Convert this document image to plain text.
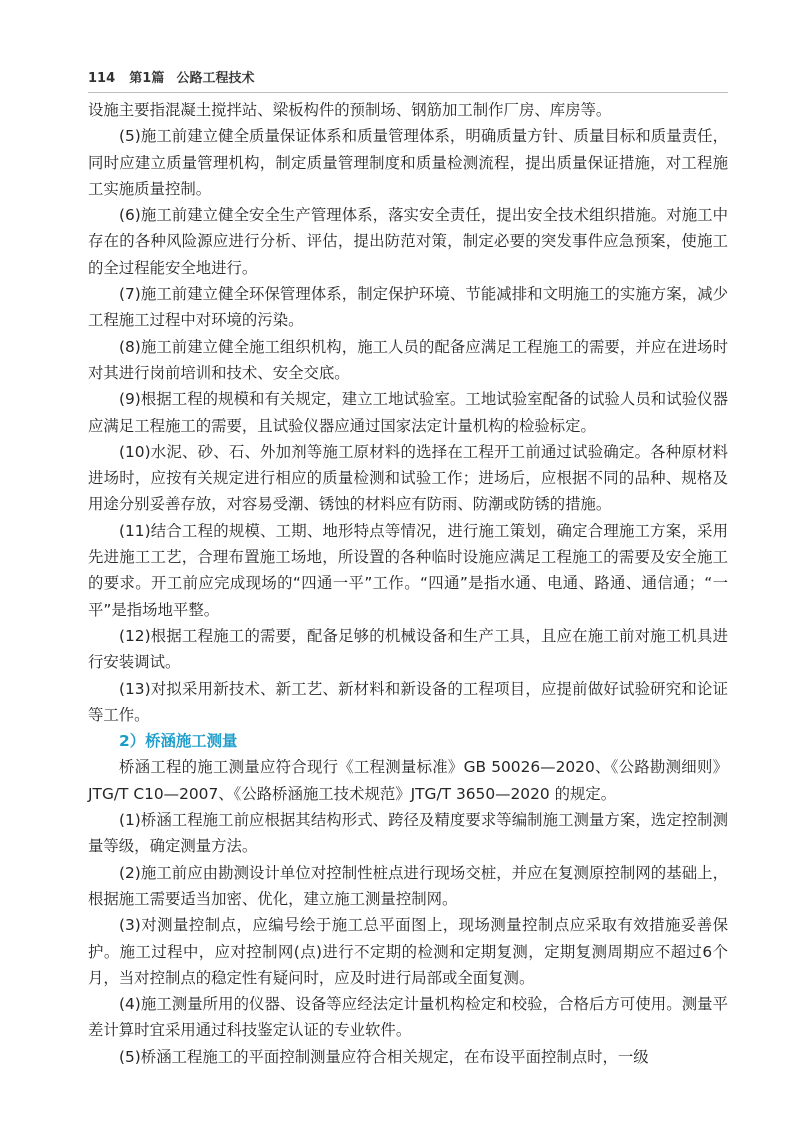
114 第1篇 公路工程技术

设施主要指混凝土搅拌站、梁板构件的预制场、钢筋加工制作厂房、库房等。

(5)施工前建立健全质量保证体系和质量管理体系，明确质量方针、质量目标和质量责任，同时应建立质量管理机构，制定质量管理制度和质量检测流程，提出质量保证措施，对工程施工实施质量控制。

(6)施工前建立健全安全生产管理体系，落实安全责任，提出安全技术组织措施。对施工中存在的各种风险源应进行分析、评估，提出防范对策，制定必要的突发事件应急预案，使施工的全过程能安全地进行。

(7)施工前建立健全环保管理体系，制定保护环境、节能减排和文明施工的实施方案，减少工程施工过程中对环境的污染。

(8)施工前建立健全施工组织机构，施工人员的配备应满足工程施工的需要，并应在进场时对其进行岗前培训和技术、安全交底。

(9)根据工程的规模和有关规定，建立工地试验室。工地试验室配备的试验人员和试验仪器应满足工程施工的需要，且试验仪器应通过国家法定计量机构的检验标定。

(10)水泥、砂、石、外加剂等施工原材料的选择在工程开工前通过试验确定。各种原材料进场时，应按有关规定进行相应的质量检测和试验工作；进场后，应根据不同的品种、规格及用途分别妥善存放，对容易受潮、锈蚀的材料应有防雨、防潮或防锈的措施。

(11)结合工程的规模、工期、地形特点等情况，进行施工策划，确定合理施工方案，采用先进施工工艺，合理布置施工场地，所设置的各种临时设施应满足工程施工的需要及安全施工的要求。开工前应完成现场的“四通一平”工作。“四通”是指水通、电通、路通、通信通；“一平”是指场地平整。

(12)根据工程施工的需要，配备足够的机械设备和生产工具，且应在施工前对施工机具进行安装调试。

(13)对拟采用新技术、新工艺、新材料和新设备的工程项目，应提前做好试验研究和论证等工作。

2）桥涵施工测量

桥涵工程的施工测量应符合现行《工程测量标准》GB 50026—2020、《公路勘测细则》JTG/T C10—2007、《公路桥涵施工技术规范》JTG/T 3650—2020 的规定。

(1)桥涵工程施工前应根据其结构形式、跨径及精度要求等编制施工测量方案，选定控制测量等级，确定测量方法。

(2)施工前应由勘测设计单位对控制性桩点进行现场交桩，并应在复测原控制网的基础上，根据施工需要适当加密、优化，建立施工测量控制网。

(3)对测量控制点，应编号绘于施工总平面图上，现场测量控制点应采取有效措施妥善保护。施工过程中，应对控制网(点)进行不定期的检测和定期复测，定期复测周期应不超过6个月，当对控制点的稳定性有疑问时，应及时进行局部或全面复测。

(4)施工测量所用的仪器、设备等应经法定计量机构检定和校验，合格后方可使用。测量平差计算时宜采用通过科技鉴定认证的专业软件。

(5)桥涵工程施工的平面控制测量应符合相关规定，在布设平面控制点时，一级
